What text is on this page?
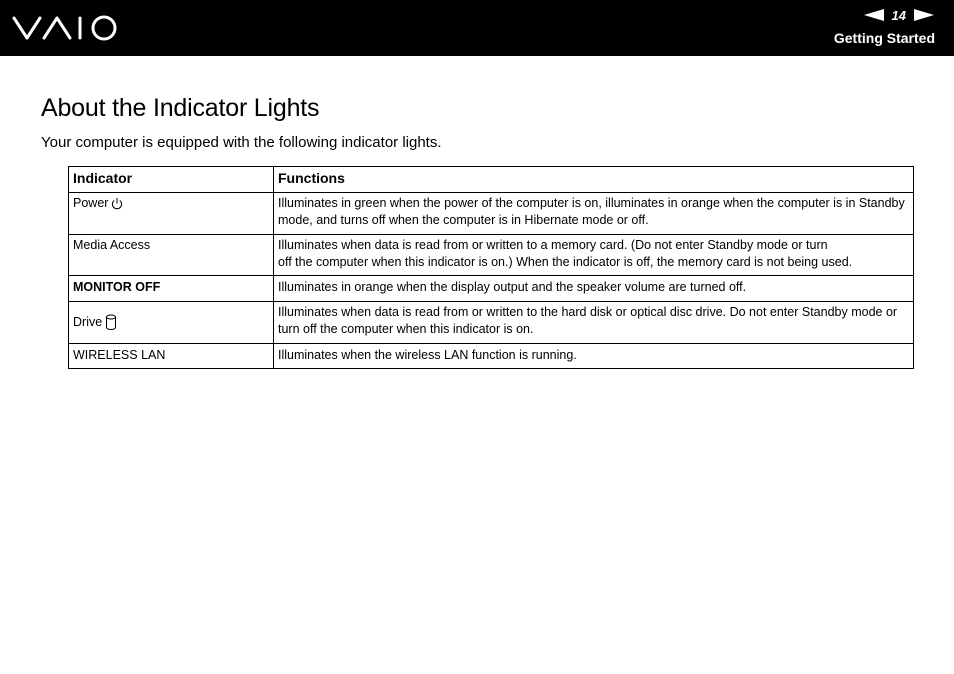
14
Getting Started
About the Indicator Lights

Your computer is equipped with the following indicator lights.

Indicator	Functions
Power	Illuminates in green when the power of the computer is on, illuminates in orange when the computer is in Standby mode, and turns off when the computer is in Hibernate mode or off.
Media Access	Illuminates when data is read from or written to a memory card. (Do not enter Standby mode or turn
off the computer when this indicator is on.) When the indicator is off, the memory card is not being used.
MONITOR OFF	Illuminates in orange when the display output and the speaker volume are turned off.
Drive	Illuminates when data is read from or written to the hard disk or optical disc drive. Do not enter Standby mode or turn off the computer when this indicator is on.
WIRELESS LAN	Illuminates when the wireless LAN function is running.
